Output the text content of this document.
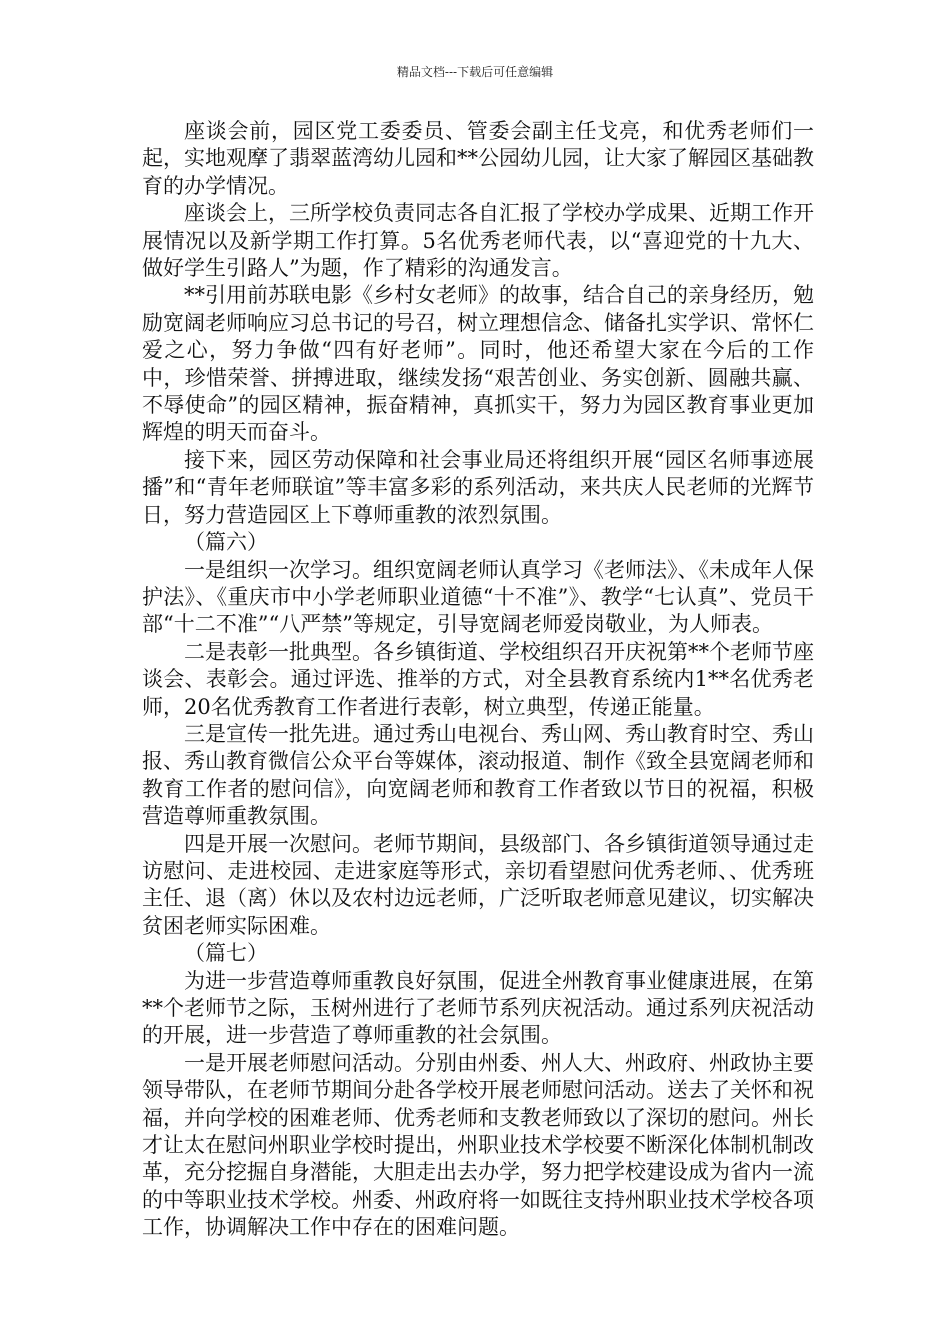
精品文档---下载后可任意编辑

座谈会前，园区党工委委员、管委会副主任戈亮，和优秀老师们一起，实地观摩了翡翠蓝湾幼儿园和**公园幼儿园，让大家了解园区基础教育的办学情况。

座谈会上，三所学校负责同志各自汇报了学校办学成果、近期工作开展情况以及新学期工作打算。5名优秀老师代表，以“喜迎党的十九大、做好学生引路人”为题，作了精彩的沟通发言。

**引用前苏联电影《乡村女老师》的故事，结合自己的亲身经历，勉励宽阔老师响应习总书记的号召，树立理想信念、储备扎实学识、常怀仁爱之心，努力争做“四有好老师”。同时，他还希望大家在今后的工作中，珍惜荣誉、拼搏进取，继续发扬“艰苦创业、务实创新、圆融共赢、不辱使命”的园区精神，振奋精神，真抓实干，努力为园区教育事业更加辉煌的明天而奋斗。

接下来，园区劳动保障和社会事业局还将组织开展“园区名师事迹展播”和“青年老师联谊”等丰富多彩的系列活动，来共庆人民老师的光辉节日，努力营造园区上下尊师重教的浓烈氛围。

（篇六）

一是组织一次学习。组织宽阔老师认真学习《老师法》、《未成年人保护法》、《重庆市中小学老师职业道德“十不准”》、教学“七认真”、党员干部“十二不准”“八严禁”等规定，引导宽阔老师爱岗敬业，为人师表。

二是表彰一批典型。各乡镇街道、学校组织召开庆祝第**个老师节座谈会、表彰会。通过评选、推举的方式，对全县教育系统内1**名优秀老师，20名优秀教育工作者进行表彰，树立典型，传递正能量。

三是宣传一批先进。通过秀山电视台、秀山网、秀山教育时空、秀山报、秀山教育微信公众平台等媒体，滚动报道、制作《致全县宽阔老师和教育工作者的慰问信》，向宽阔老师和教育工作者致以节日的祝福，积极营造尊师重教氛围。

四是开展一次慰问。老师节期间，县级部门、各乡镇街道领导通过走访慰问、走进校园、走进家庭等形式，亲切看望慰问优秀老师、、优秀班主任、退（离）休以及农村边远老师，广泛听取老师意见建议，切实解决贫困老师实际困难。

（篇七）

为进一步营造尊师重教良好氛围，促进全州教育事业健康进展，在第**个老师节之际，玉树州进行了老师节系列庆祝活动。通过系列庆祝活动的开展，进一步营造了尊师重教的社会氛围。

一是开展老师慰问活动。分别由州委、州人大、州政府、州政协主要领导带队，在老师节期间分赴各学校开展老师慰问活动。送去了关怀和祝福，并向学校的困难老师、优秀老师和支教老师致以了深切的慰问。州长才让太在慰问州职业学校时提出，州职业技术学校要不断深化体制机制改革，充分挖掘自身潜能，大胆走出去办学，努力把学校建设成为省内一流的中等职业技术学校。州委、州政府将一如既往支持州职业技术学校各项工作，协调解决工作中存在的困难问题。
